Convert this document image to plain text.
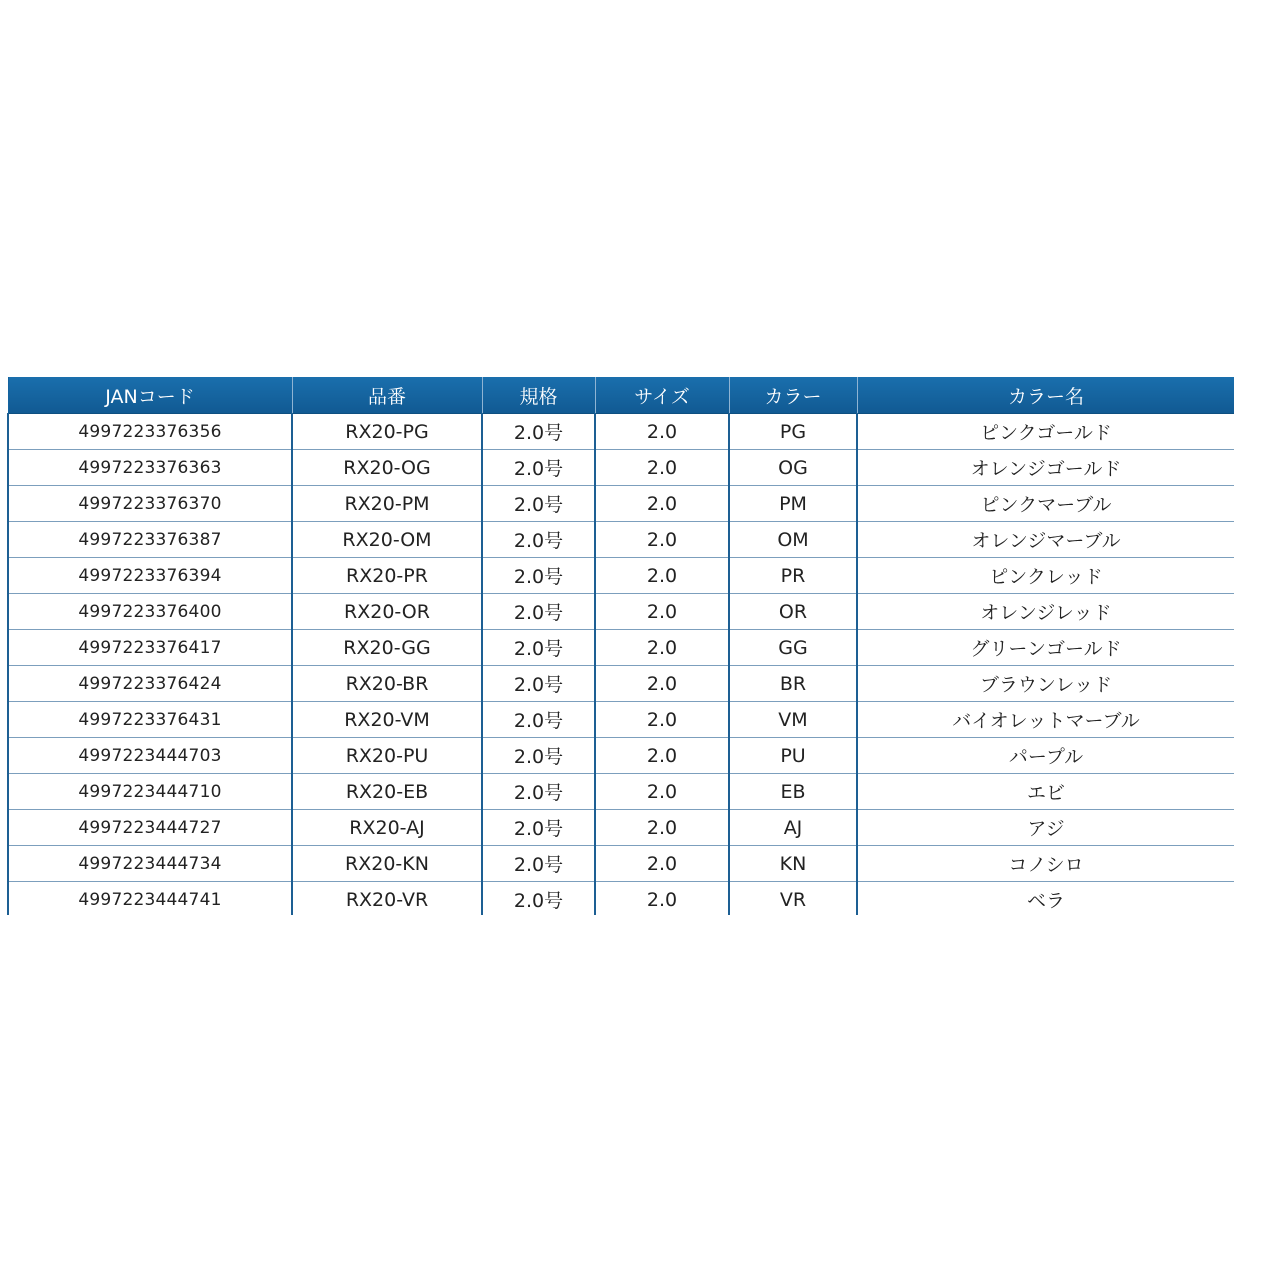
JANコード	品番	規格	サイズ	カラー	カラー名
4997223376356	RX20-PG	2.0号	2.0	PG	ピンクゴールド
4997223376363	RX20-OG	2.0号	2.0	OG	オレンジゴールド
4997223376370	RX20-PM	2.0号	2.0	PM	ピンクマーブル
4997223376387	RX20-OM	2.0号	2.0	OM	オレンジマーブル
4997223376394	RX20-PR	2.0号	2.0	PR	ピンクレッド
4997223376400	RX20-OR	2.0号	2.0	OR	オレンジレッド
4997223376417	RX20-GG	2.0号	2.0	GG	グリーンゴールド
4997223376424	RX20-BR	2.0号	2.0	BR	ブラウンレッド
4997223376431	RX20-VM	2.0号	2.0	VM	バイオレットマーブル
4997223444703	RX20-PU	2.0号	2.0	PU	パープル
4997223444710	RX20-EB	2.0号	2.0	EB	エビ
4997223444727	RX20-AJ	2.0号	2.0	AJ	アジ
4997223444734	RX20-KN	2.0号	2.0	KN	コノシロ
4997223444741	RX20-VR	2.0号	2.0	VR	ベラ
